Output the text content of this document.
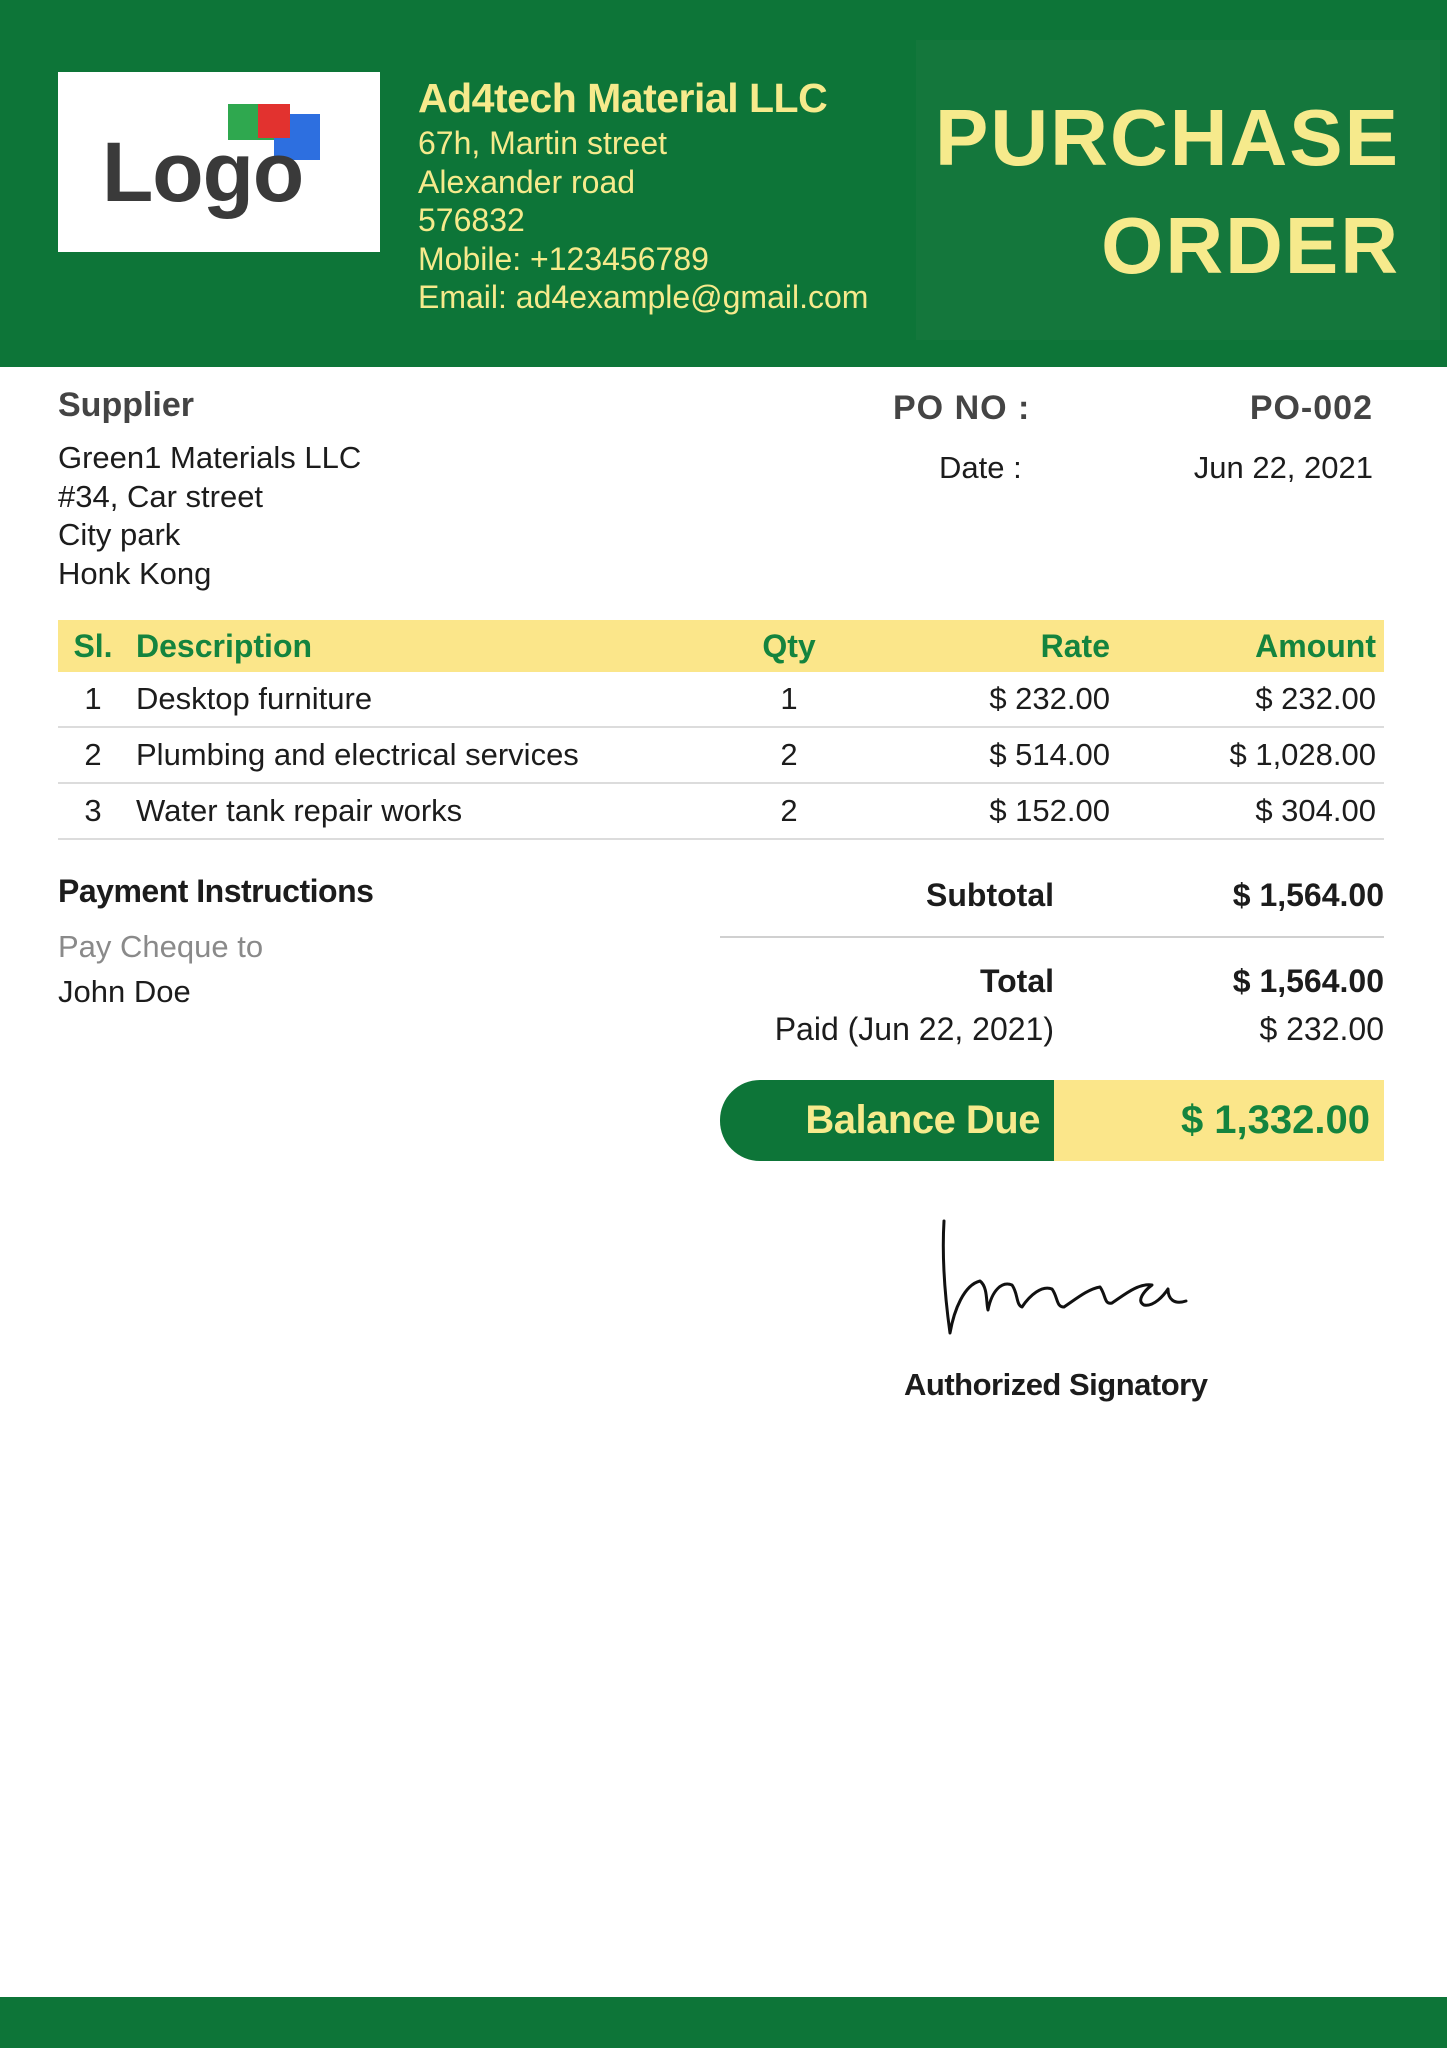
Logo
Ad4tech Material LLC
67h, Martin street
Alexander road
576832
Mobile: +123456789
Email: ad4example@gmail.com
PURCHASE
ORDER
Supplier
Green1 Materials LLC
#34, Car street
City park
Honk Kong
PO NO :	PO-002
Date :	Jun 22, 2021
Sl.	Description	Qty	Rate	Amount
1	Desktop furniture	1	$ 232.00	$ 232.00
2	Plumbing and electrical services	2	$ 514.00	$ 1,028.00
3	Water tank repair works	2	$ 152.00	$ 304.00
Payment Instructions
Pay Cheque to
John Doe
Subtotal	$ 1,564.00
Total	$ 1,564.00
Paid (Jun 22, 2021)	$ 232.00
Balance Due	$ 1,332.00
Authorized Signatory
